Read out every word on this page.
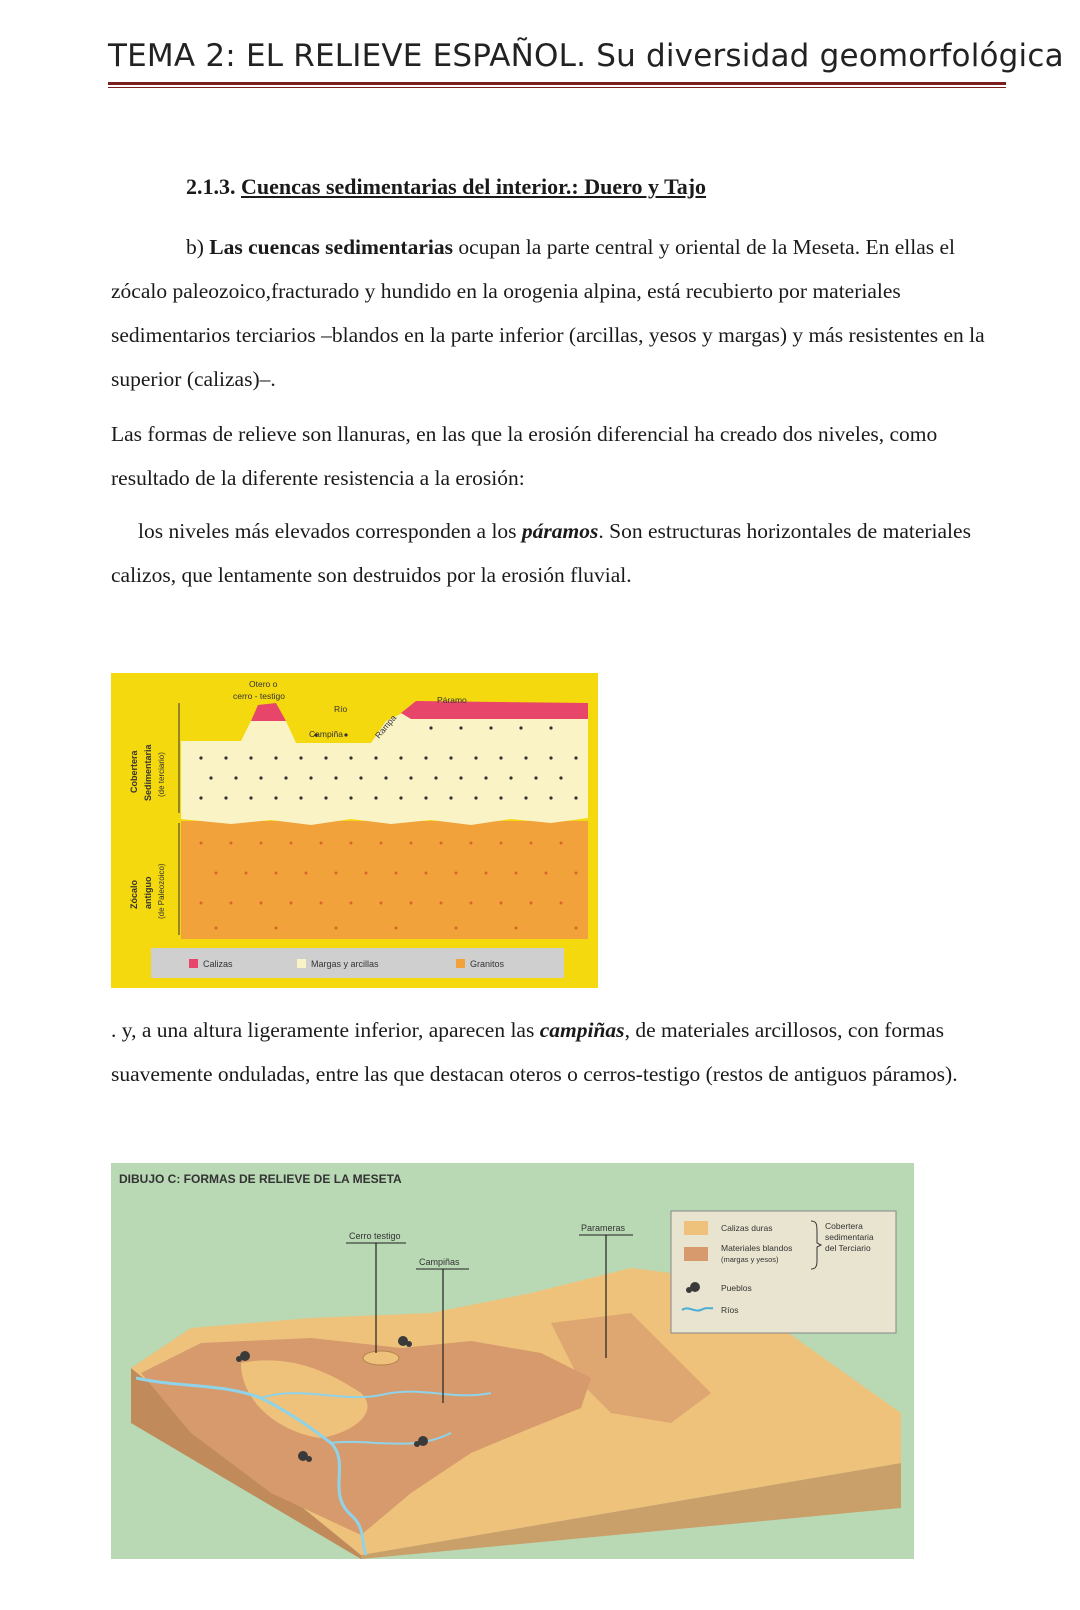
TEMA 2: EL RELIEVE ESPAÑOL. Su diversidad geomorfológica
2.1.3. Cuencas sedimentarias del interior.: Duero y Tajo
b) Las cuencas sedimentarias ocupan la parte central y oriental de la Meseta. En ellas el zócalo paleozoico,fracturado y hundido en la orogenia alpina, está recubierto por materiales sedimentarios terciarios –blandos en la parte inferior (arcillas, yesos y margas) y más resistentes en la superior (calizas)–.
Las formas de relieve son llanuras, en las que la erosión diferencial ha creado dos niveles, como resultado de la diferente resistencia a la erosión:
los niveles más elevados corresponden a los páramos. Son estructuras horizontales de materiales calizos, que lentamente son destruidos por la erosión fluvial.
Cobertera Sedimentaria (de terciario)
Zócalo antiguo (de Paleozoico)
Otero o
cerro - testigo
Río
Campiña	Rampa
Páramo
Calizas	Margas y arcillas	Granitos
. y, a una altura ligeramente inferior, aparecen las campiñas, de materiales arcillosos, con formas suavemente onduladas, entre las que destacan oteros o cerros-testigo (restos de antiguos páramos).
DIBUJO C: FORMAS DE RELIEVE DE LA MESETA
Cerro testigo
Campiñas
Parameras	Calizas duras
Materiales blandos
(margas y yesos)
Cobertera
sedimentaria
del Terciario
Pueblos
Ríos
